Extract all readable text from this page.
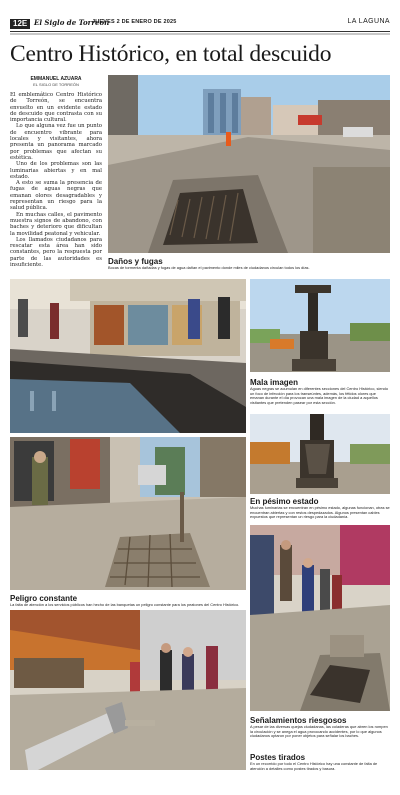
12E El Siglo de Torreón
JUEVES 2 DE ENERO DE 2025	LA LAGUNA
Centro Histórico, en total descuido
EMMANUEL AZUARA
EL SIGLO DE TORREÓN

El emblemático Centro Histórico de Torreón, se encuentra envuelto en un evidente estado de descuido que contrasta con su importancia cultural.

Lo que alguna vez fue un punto de encuentro vibrante para locales y visitantes, ahora presenta un panorama marcado por problemas que afectan su estética.

Uno de los problemas son las luminarias abiertas y en mal estado.

A esto se suma la presencia de fugas de aguas negras que emanan olores desagradables y representan un riesgo para la salud pública.

En muchas calles, el pavimento muestra signos de abandono, con baches y deterioro que dificultan la movilidad peatonal y vehicular.

Los llamados ciudadanos para rescatar esta área han sido constantes, pero la respuesta por parte de las autoridades es insuficiente.	Daños y fugas
Bocas de tormenta dañadas y fugas de agua dañan el pavimento donde miles de ciudadanos circulan todos los días.
Mala imagen
Aguas negras se acumulan en diferentes secciones del Centro Histórico, siendo un foco de infección para los transeúntes, además, los fétidos olores que emanan durante el día provocan una mala imagen de la ciudad a aquellos visitantes que pretenden pasear por esta sección.
En pésimo estado
Muchas luminarias se encuentran en pésimo estado, algunas funcionan, otras se encuentran abiertas y con restos despedazados. Algunos presentan cables expuestos que representan un riesgo para la ciudadanía.
Señalamientos riesgosos
A pesar de las diversas quejas ciudadanas, las coladeras que abren los rompen la circulación y se anega el agua provocando accidentes, por lo que algunos ciudadanos optaron por poner objetos para señalar los baches.
Peligro constante
La falta de atención a los servicios públicos han hecho de las banquetas un peligro constante para los peatones del Centro Histórico.
Postes tirados
En un recorrido por todo el Centro Histórico hay una constante de falta de atención a detalles como postes tirados y basura.
